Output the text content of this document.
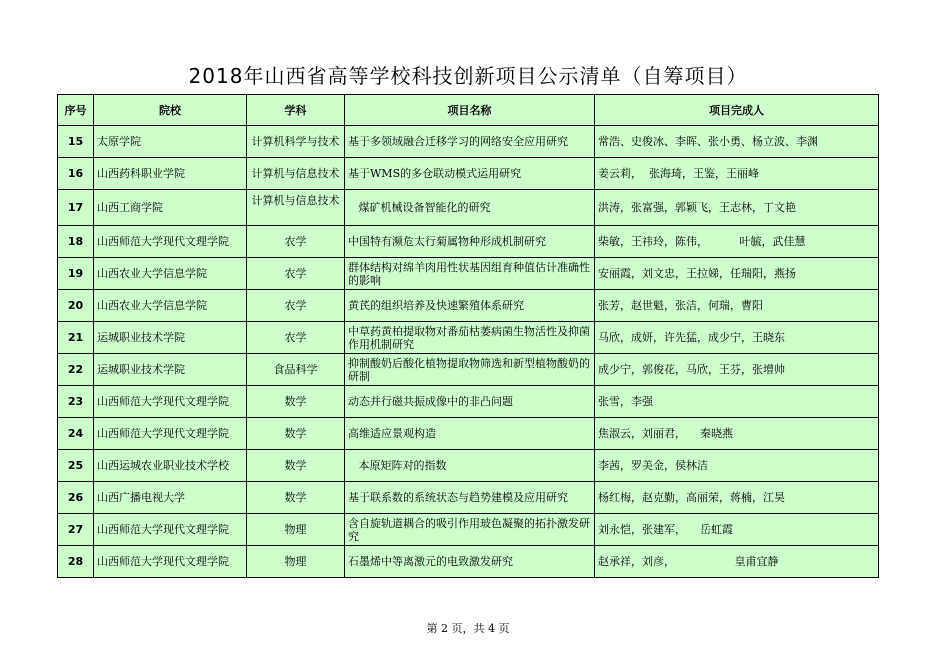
2018年山西省高等学校科技创新项目公示清单（自筹项目）
序号	院校	学科	项目名称	项目完成人
15	太原学院	计算机科学与技术	基于多领域融合迁移学习的网络安全应用研究	常浩、史俊冰、李晖、张小勇、杨立波、李渊
16	山西药科职业学院	计算机与信息技术	基于WMS的多仓联动模式运用研究	姜云莉，  张海琦，王鉴，王丽峰
17	山西工商学院	计算机与信息技术	煤矿机械设备智能化的研究	洪涛，张富强，郭颖飞，王志林，丁文艳
18	山西师范大学现代文理学院	农学	中国特有濒危太行菊属物种形成机制研究	柴敏，王祎玲，陈伟，         叶毓，武佳慧
19	山西农业大学信息学院	农学	群体结构对绵羊肉用性状基因组育种值估计准确性的影响	安丽霞，刘文忠，王拉娣，任瑞阳，燕扬
20	山西农业大学信息学院	农学	黄芪的组织培养及快速繁殖体系研究	张芳，赵世魁，张洁，何瑞，曹阳
21	运城职业技术学院	农学	中草药黄柏提取物对番茄枯萎病菌生物活性及抑菌作用机制研究	马欣，成妍，许先猛，成少宁，王晓东
22	运城职业技术学院	食品科学	抑制酸奶后酸化植物提取物筛选和新型植物酸奶的研制	成少宁，郭俊花，马欣，王芬，张增帅
23	山西师范大学现代文理学院	数学	动态并行磁共振成像中的非凸问题	张雪，李强
24	山西师范大学现代文理学院	数学	高维适应景观构造	焦淑云，刘丽君，    秦晓燕
25	山西运城农业职业技术学校	数学	本原矩阵对的指数	李茜，罗美金，侯林洁
26	山西广播电视大学	数学	基于联系数的系统状态与趋势建模及应用研究	杨红梅，赵克勤，高丽荣，蒋楠，江昊
27	山西师范大学现代文理学院	物理	含自旋轨道耦合的吸引作用玻色凝聚的拓扑激发研究	刘永恺，张建军，    岳虹霞
28	山西师范大学现代文理学院	物理	石墨烯中等离激元的电致激发研究	赵承祥，刘彦，                 皇甫宜静
第 2 页，共 4 页
